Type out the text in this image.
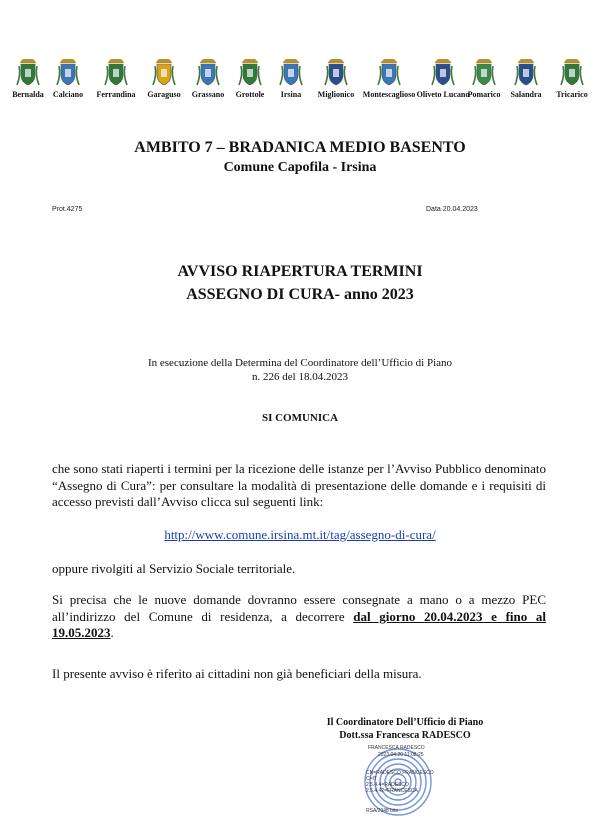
Bernalda	Calciano	Ferrandina	Garaguso	Grassano	Grottole	Irsina	Miglionico	Montescaglioso Oliveto Lucano
Pomarico	Salandra	Tricarico
AMBITO 7 – BRADANICA MEDIO BASENTO
Comune Capofila - Irsina
Prot.4275	Data 20.04.2023
AVVISO RIAPERTURA TERMINI
ASSEGNO DI CURA- anno 2023
In esecuzione della Determina del Coordinatore dell’Ufficio di Piano
n. 226 del 18.04.2023
SI COMUNICA
che sono stati riaperti i termini per la ricezione delle istanze per l’Avviso Pubblico denominato “Assegno di Cura”: per consultare la modalità di presentazione delle domande e i requisiti di accesso previsti dall’Avviso clicca sul seguenti link:
http://www.comune.irsina.mt.it/tag/assegno-di-cura/
oppure rivolgiti al Servizio Sociale territoriale.
Si precisa che le nuove domande dovranno essere consegnate a mano o a mezzo PEC all’indirizzo del Comune di residenza, a decorrere dal giorno 20.04.2023 e fino al 19.05.2023.
Il presente avviso è riferito ai cittadini non già beneficiari della misura.
Il Coordinatore Dell’Ufficio di Piano
Dott.ssa Francesca RADESCO
FRANCESCA RADESCO
2023.04.20 11:08:25
CN=RADESCO FRANCESCO
C=IT
2.5.4.4=RADESCO
2.5.4.42=FRANCESCA
RSA/2048 bits
